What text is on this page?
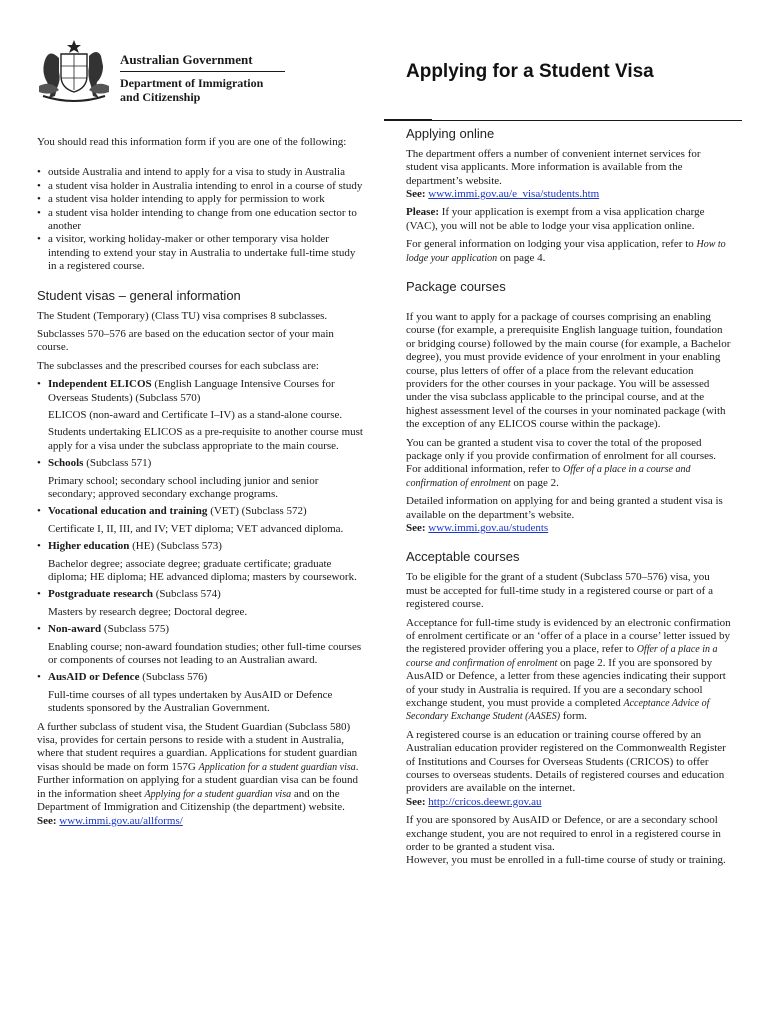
Australian Government
Department of Immigration
and Citizenship
Applying for a Student Visa

You should read this information form if you are one of the following:

• outside Australia and intend to apply for a visa to study in Australia
• a student visa holder in Australia intending to enrol in a course of study
• a student visa holder intending to apply for permission to work
• a student visa holder intending to change from one education sector to another
• a visitor, working holiday-maker or other temporary visa holder intending to extend your stay in Australia to undertake full-time study in a registered course.
Student visas – general information

The Student (Temporary) (Class TU) visa comprises 8 subclasses.

Subclasses 570–576 are based on the education sector of your main course.

The subclasses and the prescribed courses for each subclass are:

• Independent ELICOS (English Language Intensive Courses for Overseas Students) (Subclass 570)

ELICOS (non-award and Certificate I–IV) as a stand-alone course.

Students undertaking ELICOS as a pre-requisite to another course must apply for a visa under the subclass appropriate to the main course.

• Schools (Subclass 571)

Primary school; secondary school including junior and senior secondary; approved secondary exchange programs.

• Vocational education and training (VET) (Subclass 572)

Certificate I, II, III, and IV; VET diploma; VET advanced diploma.

• Higher education (HE) (Subclass 573)

Bachelor degree; associate degree; graduate certificate; graduate diploma; HE diploma; HE advanced diploma; masters by coursework.

• Postgraduate research (Subclass 574)

Masters by research degree; Doctoral degree.

• Non-award (Subclass 575)

Enabling course; non-award foundation studies; other full-time courses or components of courses not leading to an Australian award.

• AusAID or Defence (Subclass 576)

Full-time courses of all types undertaken by AusAID or Defence students sponsored by the Australian Government.

A further subclass of student visa, the Student Guardian (Subclass 580) visa, provides for certain persons to reside with a student in Australia, where that student requires a guardian. Applications for student guardian visas should be made on form 157G Application for a student guardian visa. Further information on applying for a student guardian visa can be found in the information sheet Applying for a student guardian visa and on the Department of Immigration and Citizenship (the department) website.

See: www.immi.gov.au/allforms/

Applying online

The department offers a number of convenient internet services for student visa applicants. More information is available from the department’s website.

See: www.immi.gov.au/e_visa/students.htm

Please: If your application is exempt from a visa application charge (VAC), you will not be able to lodge your visa application online.

For general information on lodging your visa application, refer to How to lodge your application on page 4.

Package courses

If you want to apply for a package of courses comprising an enabling course (for example, a prerequisite English language tuition, foundation or bridging course) followed by the main course (for example, a Bachelor degree), you must provide evidence of your enrolment in your enabling course, plus letters of offer of a place from the relevant education providers for the other courses in your package. You will be assessed under the visa subclass applicable to the principal course, and at the highest assessment level of the courses in your nominated package (with the exception of any ELICOS course within the package).

You can be granted a student visa to cover the total of the proposed package only if you provide confirmation of enrolment for all courses. For additional information, refer to Offer of a place in a course and confirmation of enrolment on page 2.

Detailed information on applying for and being granted a student visa is available on the department’s website.

See: www.immi.gov.au/students

Acceptable courses

To be eligible for the grant of a student (Subclass 570–576) visa, you must be accepted for full-time study in a registered course or part of a registered course.

Acceptance for full-time study is evidenced by an electronic confirmation of enrolment certificate or an ‘offer of a place in a course’ letter issued by the registered provider offering you a place, refer to Offer of a place in a course and confirmation of enrolment on page 2. If you are sponsored by AusAID or Defence, a letter from these agencies indicating their support of your study in Australia is required. If you are a secondary school exchange student, you must provide a completed Acceptance Advice of Secondary Exchange Student (AASES) form.

A registered course is an education or training course offered by an Australian education provider registered on the Commonwealth Register of Institutions and Courses for Overseas Students (CRICOS) to offer courses to overseas students. Details of registered courses and education providers are available on the internet.

See: http://cricos.deewr.gov.au

If you are sponsored by AusAID or Defence, or are a secondary school exchange student, you are not required to enrol in a registered course in order to be granted a student visa.

However, you must be enrolled in a full-time course of study or training.
